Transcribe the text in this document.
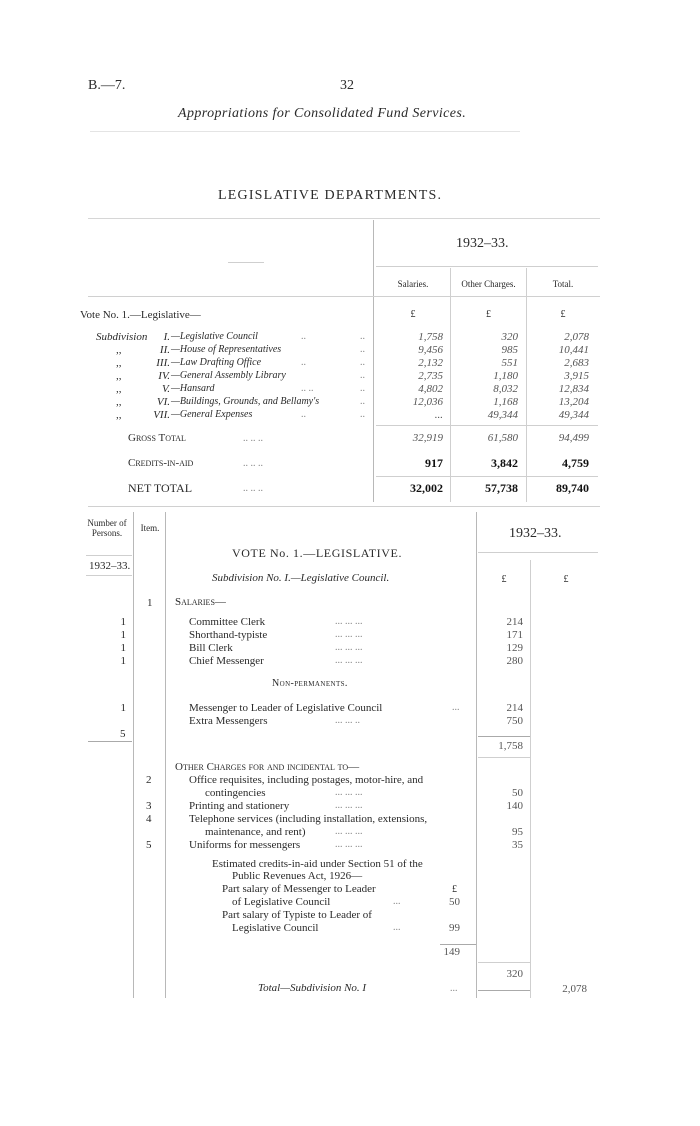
B.—7.	32
Appropriations for Consolidated Fund Services.
LEGISLATIVE DEPARTMENTS.
1932–33.
Salaries.	Other Charges.	Total.
£	£	£
Vote No. 1.—Legislative—
Subdivision	I. —Legislative Council	..	..	1,758	320	2,078
,,	II. —House of Representatives	..	9,456	985	10,441
,,	III. —Law Drafting Office	..	..	2,132	551	2,683
,,	IV. —General Assembly Library	..	2,735	1,180	3,915
,,	V. —Hansard	.. ..	..	4,802	8,032	12,834
,,	VI. —Buildings, Grounds, and Bellamy's	..	12,036	1,168	13,204
,,	VII. —General Expenses	..	..	...	49,344	49,344
Gross Total	.. .. ..	32,919	61,580	94,499
Credits-in-aid	.. .. ..	917	3,842	4,759
NET TOTAL	.. .. ..	32,002	57,738	89,740
Number of Persons.	Item.	1932–33.
1932–33.
VOTE No. 1.—LEGISLATIVE.
Subdivision No. I.—Legislative Council.	£	£
1 Salaries—
1	Committee Clerk	... ... ...	214
1	Shorthand-typiste	... ... ...	171
1	Bill Clerk	... ... ...	129
1	Chief Messenger	... ... ...	280
Non-permanents.
1	Messenger to Leader of Legislative Council	...	214
Extra Messengers	... ... ..	750
5
1,758
Other Charges for and incidental to—
2	Office requisites, including postages, motor-hire, and
contingencies	... ... ...	50
3	Printing and stationery	... ... ...	140
4	Telephone services (including installation, extensions,
maintenance, and rent)	... ... ...	95
5	Uniforms for messengers	... ... ...	35
Estimated credits-in-aid under Section 51 of the
Public Revenues Act, 1926—
£
Part salary of Messenger to Leader
of Legislative Council	...	50
Part salary of Typiste to Leader of
Legislative Council	...	99
149
320
Total—Subdivision No. I	...	2,078
